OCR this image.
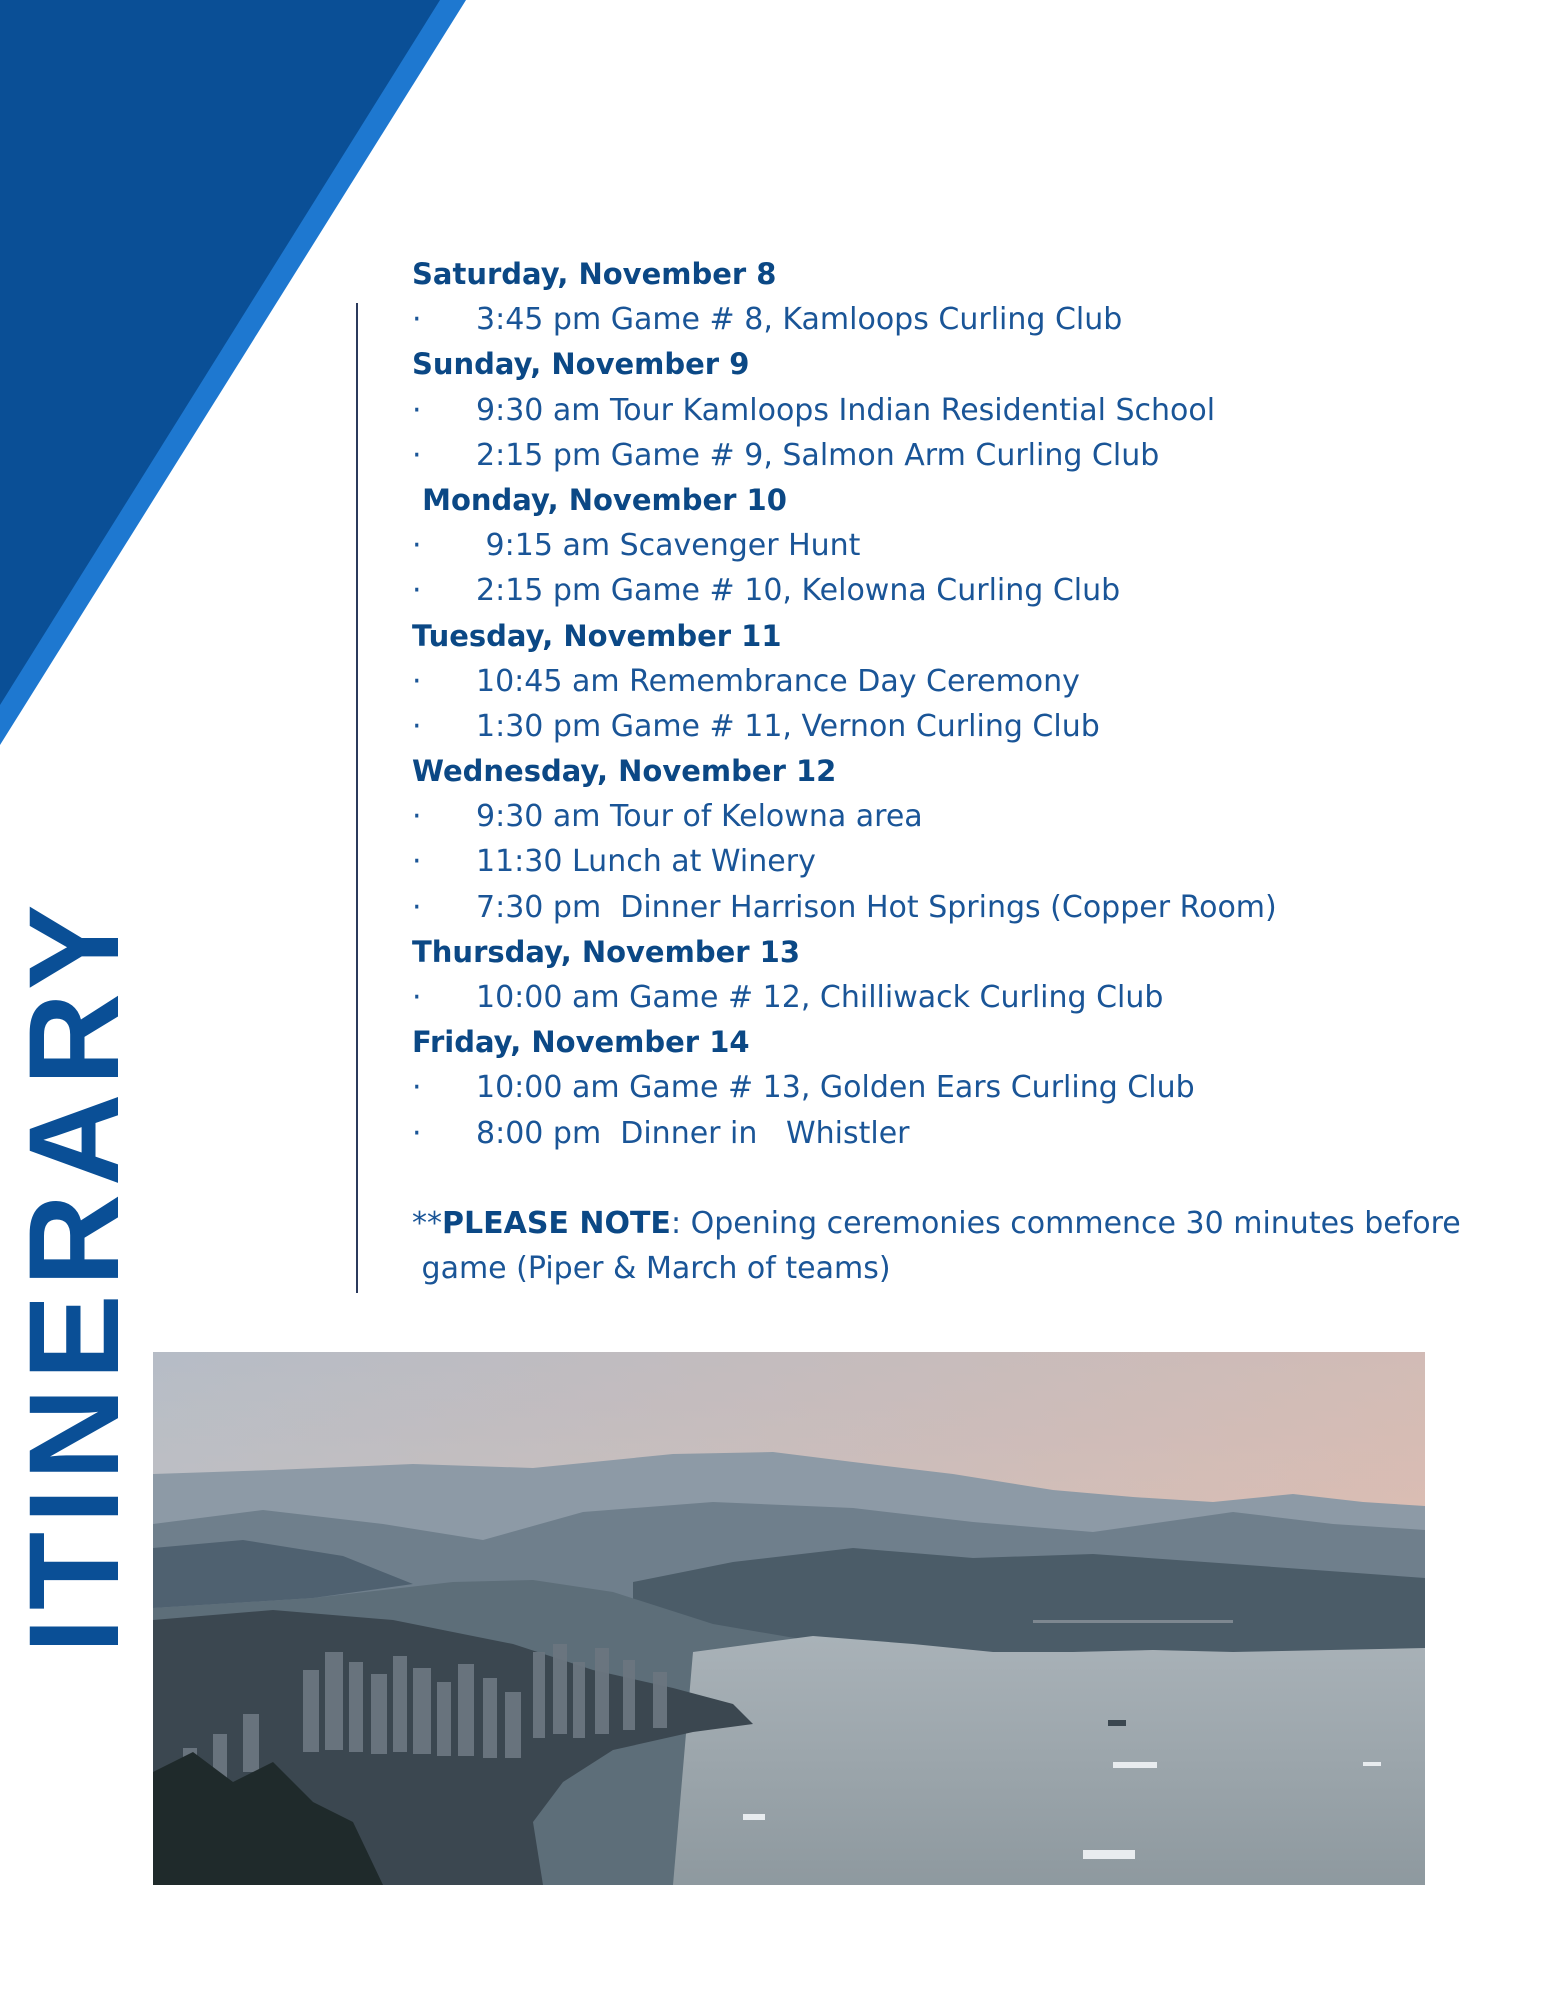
ITINERARY
Saturday, November 8
· 3:45 pm Game # 8, Kamloops Curling Club
Sunday, November 9
· 9:30 am Tour Kamloops Indian Residential School
· 2:15 pm Game # 9, Salmon Arm Curling Club
Monday, November 10
· 9:15 am Scavenger Hunt
· 2:15 pm Game # 10, Kelowna Curling Club
Tuesday, November 11
· 10:45 am Remembrance Day Ceremony
· 1:30 pm Game # 11, Vernon Curling Club
Wednesday, November 12
· 9:30 am Tour of Kelowna area
· 11:30 Lunch at Winery
· 7:30 pm  Dinner Harrison Hot Springs (Copper Room)
Thursday, November 13
· 10:00 am Game # 12, Chilliwack Curling Club
Friday, November 14
· 10:00 am Game # 13, Golden Ears Curling Club
· 8:00 pm  Dinner in   Whistler
**PLEASE NOTE: Opening ceremonies commence 30 minutes before
game (Piper & March of teams)
